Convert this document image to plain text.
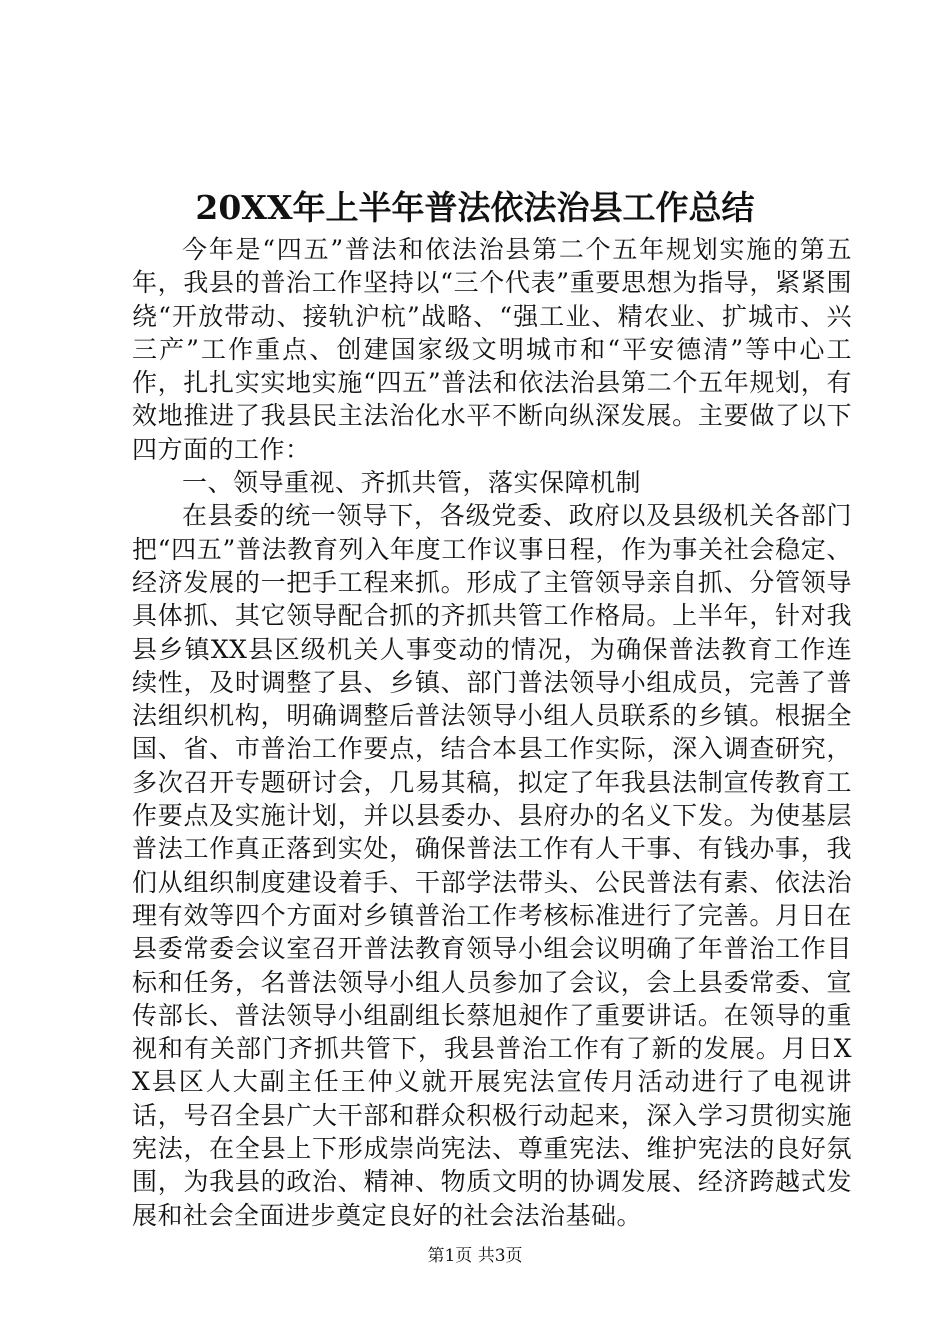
20XX年上半年普法依法治县工作总结

今年是“四五”普法和依法治县第二个五年规划实施的第五年，我县的普治工作坚持以“三个代表”重要思想为指导，紧紧围绕“开放带动、接轨沪杭”战略、“强工业、精农业、扩城市、兴三产”工作重点、创建国家级文明城市和“平安德清”等中心工作，扎扎实实地实施“四五”普法和依法治县第二个五年规划，有效地推进了我县民主法治化水平不断向纵深发展。主要做了以下四方面的工作：

一、领导重视、齐抓共管，落实保障机制

在县委的统一领导下，各级党委、政府以及县级机关各部门把“四五”普法教育列入年度工作议事日程，作为事关社会稳定、经济发展的一把手工程来抓。形成了主管领导亲自抓、分管领导具体抓、其它领导配合抓的齐抓共管工作格局。上半年，针对我县乡镇XX县区级机关人事变动的情况，为确保普法教育工作连续性，及时调整了县、乡镇、部门普法领导小组成员，完善了普法组织机构，明确调整后普法领导小组人员联系的乡镇。根据全国、省、市普治工作要点，结合本县工作实际，深入调查研究，多次召开专题研讨会，几易其稿，拟定了年我县法制宣传教育工作要点及实施计划，并以县委办、县府办的名义下发。为使基层普法工作真正落到实处，确保普法工作有人干事、有钱办事，我们从组织制度建设着手、干部学法带头、公民普法有素、依法治理有效等四个方面对乡镇普治工作考核标准进行了完善。月日在县委常委会议室召开普法教育领导小组会议明确了年普治工作目标和任务，名普法领导小组人员参加了会议，会上县委常委、宣传部长、普法领导小组副组长蔡旭昶作了重要讲话。在领导的重视和有关部门齐抓共管下，我县普治工作有了新的发展。月日XX县区人大副主任王仲义就开展宪法宣传月活动进行了电视讲话，号召全县广大干部和群众积极行动起来，深入学习贯彻实施宪法，在全县上下形成崇尚宪法、尊重宪法、维护宪法的良好氛围，为我县的政治、精神、物质文明的协调发展、经济跨越式发展和社会全面进步奠定良好的社会法治基础。

第1页 共3页
